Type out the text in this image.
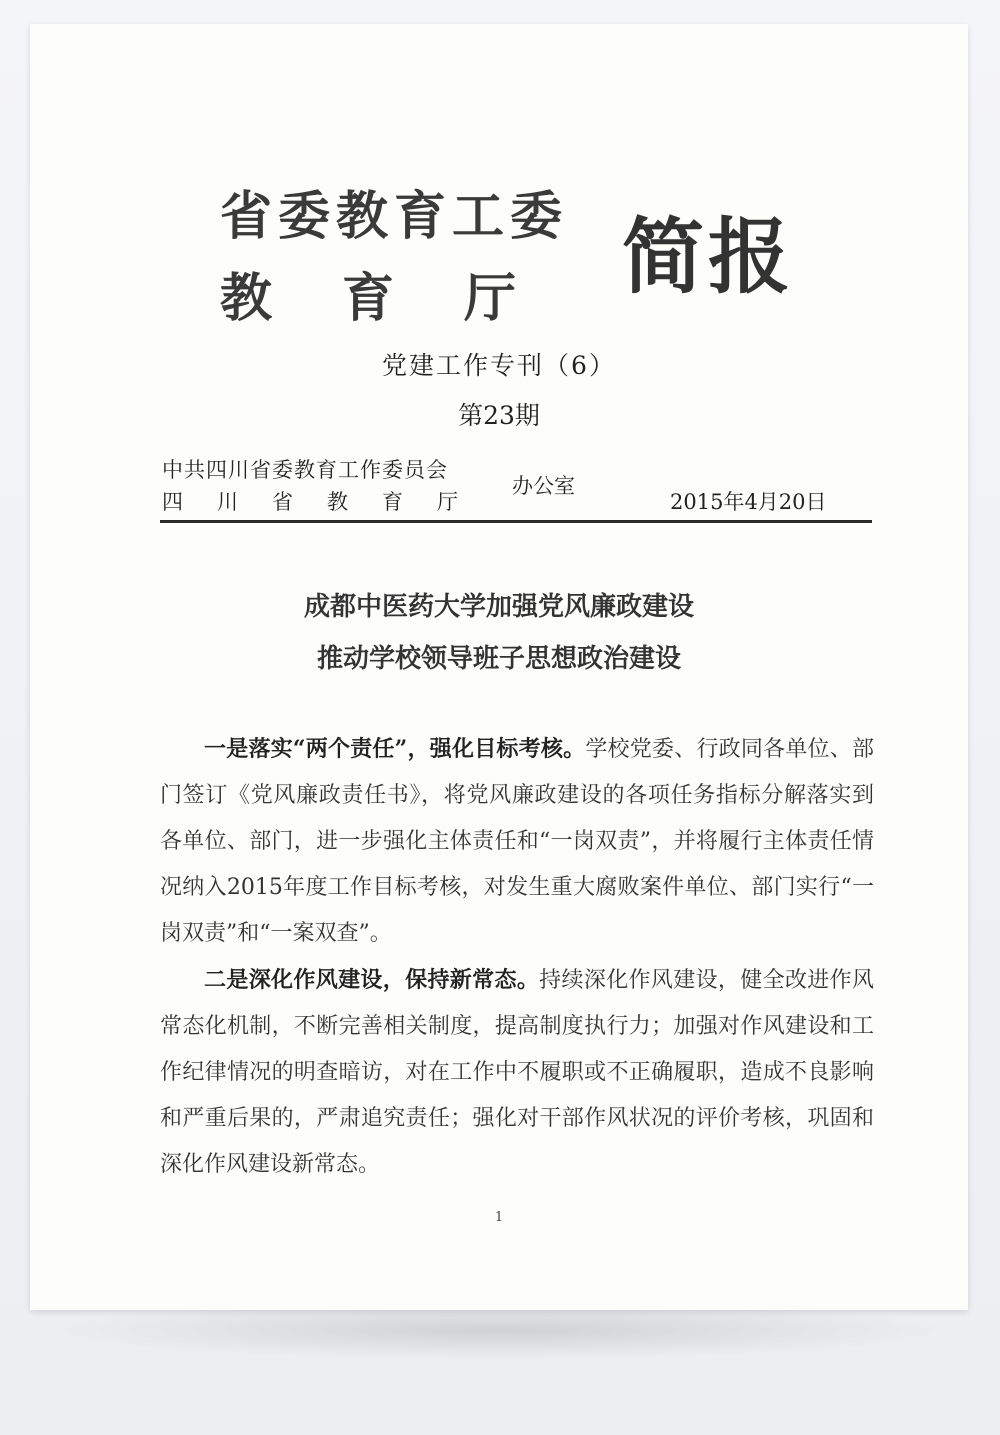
省委教育工委
教育厅 简报
党建工作专刊（6）
第23期
中共四川省委教育工作委员会
四川省教育厅
办公室
2015年4月20日
成都中医药大学加强党风廉政建设
推动学校领导班子思想政治建设

一是落实“两个责任”，强化目标考核。学校党委、行政同各单位、部门签订《党风廉政责任书》，将党风廉政建设的各项任务指标分解落实到各单位、部门，进一步强化主体责任和“一岗双责”，并将履行主体责任情况纳入2015年度工作目标考核，对发生重大腐败案件单位、部门实行“一岗双责”和“一案双查”。

二是深化作风建设，保持新常态。持续深化作风建设，健全改进作风常态化机制，不断完善相关制度，提高制度执行力；加强对作风建设和工作纪律情况的明查暗访，对在工作中不履职或不正确履职，造成不良影响和严重后果的，严肃追究责任；强化对干部作风状况的评价考核，巩固和深化作风建设新常态。

1
